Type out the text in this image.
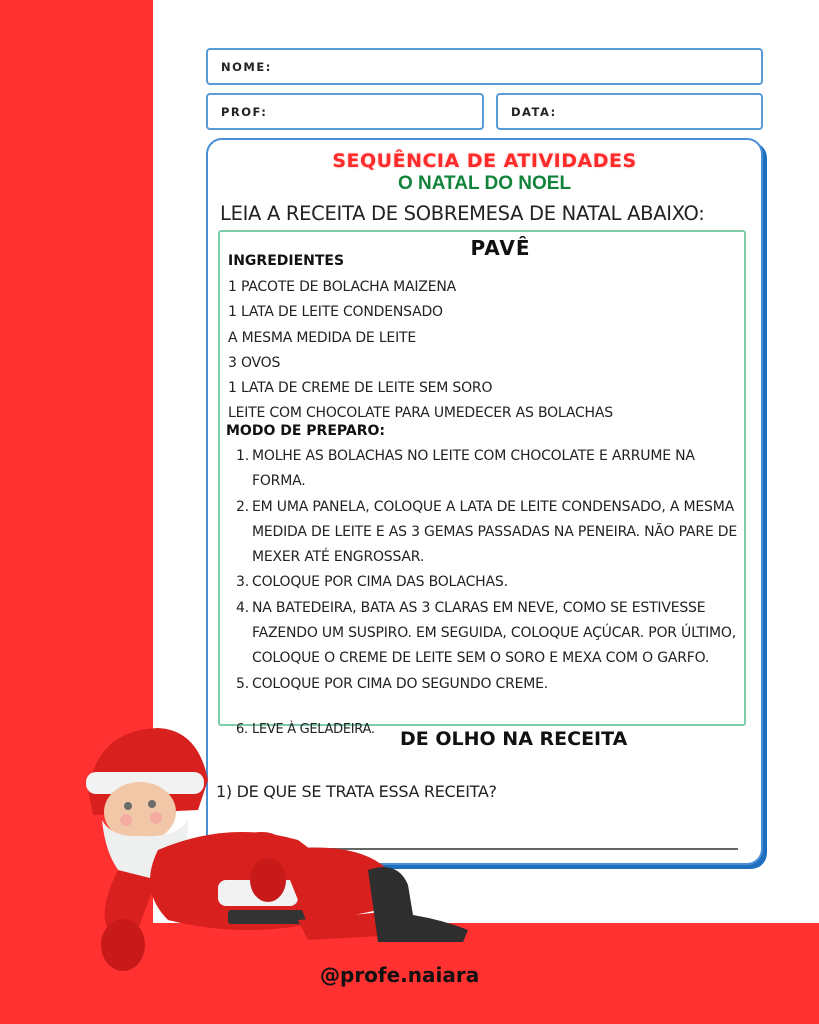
NOME:
PROF:	DATA:
SEQUÊNCIA DE ATIVIDADES
O NATAL DO NOEL
LEIA A RECEITA DE SOBREMESA DE NATAL ABAIXO:
PAVÊ
INGREDIENTES
1 PACOTE DE BOLACHA MAIZENA
1 LATA DE LEITE CONDENSADO
A MESMA MEDIDA DE LEITE
3 OVOS
1 LATA DE CREME DE LEITE SEM SORO
LEITE COM CHOCOLATE PARA UMEDECER AS BOLACHAS
MODO DE PREPARO:
1. MOLHE AS BOLACHAS NO LEITE COM CHOCOLATE E ARRUME NA FORMA.
2. EM UMA PANELA, COLOQUE A LATA DE LEITE CONDENSADO, A MESMA MEDIDA DE LEITE E AS 3 GEMAS PASSADAS NA PENEIRA. NÃO PARE DE MEXER ATÉ ENGROSSAR.
3. COLOQUE POR CIMA DAS BOLACHAS.
4. NA BATEDEIRA, BATA AS 3 CLARAS EM NEVE, COMO SE ESTIVESSE FAZENDO UM SUSPIRO. EM SEGUIDA, COLOQUE AÇÚCAR. POR ÚLTIMO, COLOQUE O CREME DE LEITE SEM O SORO E MEXA COM O GARFO.
5. COLOQUE POR CIMA DO SEGUNDO CREME.
6. LEVE À GELADEIRA. DE OLHO NA RECEITA
1) DE QUE SE TRATA ESSA RECEITA?
@profe.naiara
